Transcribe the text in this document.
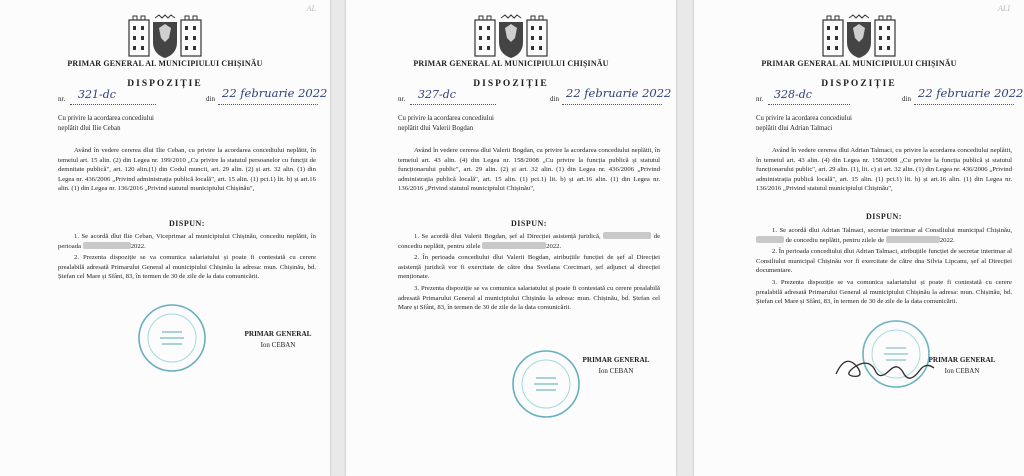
AL
PRIMAR GENERAL AL MUNICIPIULUI CHIȘINĂU
DISPOZIȚIE
nr. 321-dc	din 22 februarie 2022
Cu privire la acordarea concediului
neplătit dlui Ilie Ceban

Având în vedere cererea dlui Ilie Ceban, cu privire la acordarea concediului neplătit, în temeiul art. 15 alin. (2) din Legea nr. 199/2010 „Cu privire la statutul persoanelor cu funcții de demnitate publică", art. 120 alin.(1) din Codul muncii, art. 29 alin. (2) și art. 32 alin. (1) din Legea nr. 436/2006 „Privind administrația publică locală", art. 15 alin. (1) pct.1) lit. b) și art.16 alin. (1) din Legea nr. 136/2016 „Privind statutul municipiului Chișinău",

DISPUN:

1. Se acordă dlui Ilie Ceban, Viceprimar al municipiului Chișinău, concediu neplătit, în perioada	2022.

2. Prezenta dispoziție se va comunica salariatului și poate fi contestată cu cerere prealabilă adresată Primarului General al municipiului Chișinău la adresa: mun. Chișinău, bd. Ștefan cel Mare și Sfânt, 83, în termen de 30 de zile de la data comunicării.

PRIMAR GENERAL
Ion CEBAN
PRIMAR GENERAL AL MUNICIPIULUI CHIȘINĂU
DISPOZIȚIE
nr. 327-dc	din 22 februarie 2022
Cu privire la acordarea concediului
neplătit dlui Valerii Bogdan

Având în vedere cererea dlui Valerii Bogdan, cu privire la acordarea concediului neplătit, în temeiul art. 43 alin. (4) din Legea nr. 158/2008 „Cu privire la funcția publică și statutul funcționarului public", art. 29 alin. (2) și art. 32 alin. (1) din Legea nr. 436/2006 „Privind administrația publică locală", art. 15 alin. (1) pct.1) lit. b) și art.16 alin. (1) din Legea nr. 136/2016 „Privind statutul municipiului Chișinău",

DISPUN:

1. Se acordă dlui Valerii Bogdan, șef al Direcției asistență juridică,	de concediu neplătit, pentru zilele	2022.

2. În perioada concediului dlui Valerii Bogdan, atribuțiile funcției de șef al Direcției asistență juridică vor fi exercitate de către dna Svetlana Corcimari, șef adjunct al direcției menționate.

3. Prezenta dispoziție se va comunica salariatului și poate fi contestată cu cerere prealabilă adresată Primarului General al municipiului Chișinău la adresa: mun. Chișinău, bd. Ștefan cel Mare și Sfânt, 83, în termen de 30 de zile de la data comunicării.

PRIMAR GENERAL
Ion CEBAN
ALI
PRIMAR GENERAL AL MUNICIPIULUI CHIȘINĂU
DISPOZIȚIE
nr. 328-dc	din 22 februarie 2022
Cu privire la acordarea concediului
neplătit dlui Adrian Talmaci

Având în vedere cererea dlui Adrian Talmaci, cu privire la acordarea concediului neplătit, în temeiul art. 43 alin. (4) din Legea nr. 158/2008 „Cu privire la funcția publică și statutul funcționarului public", art. 29 alin. (1), lit. c) și art. 32 alin. (1) din Legea nr. 436/2006 „Privind administrația publică locală", art. 15 alin. (1) pct.1) lit. b) și art.16 alin. (1) din Legea nr. 136/2016 „Privind statutul municipiului Chișinău",

DISPUN:

1. Se acordă dlui Adrian Talmaci, secretar interimar al Consiliului municipal Chișinău,  de concediu neplătit, pentru zilele de	2022.

2. În perioada concediului dlui Adrian Talmaci, atribuțiile funcției de secretar interimar al Consiliului municipal Chișinău vor fi exercitate de către dna Silvia Lipcanu, șef al Direcției documentare.

3. Prezenta dispoziție se va comunica salariatului și poate fi contestată cu cerere prealabilă adresată Primarului General al municipiului Chișinău la adresa: mun. Chișinău, bd. Ștefan cel Mare și Sfânt, 83, în termen de 30 de zile de la data comunicării.

PRIMAR GENERAL
Ion CEBAN
